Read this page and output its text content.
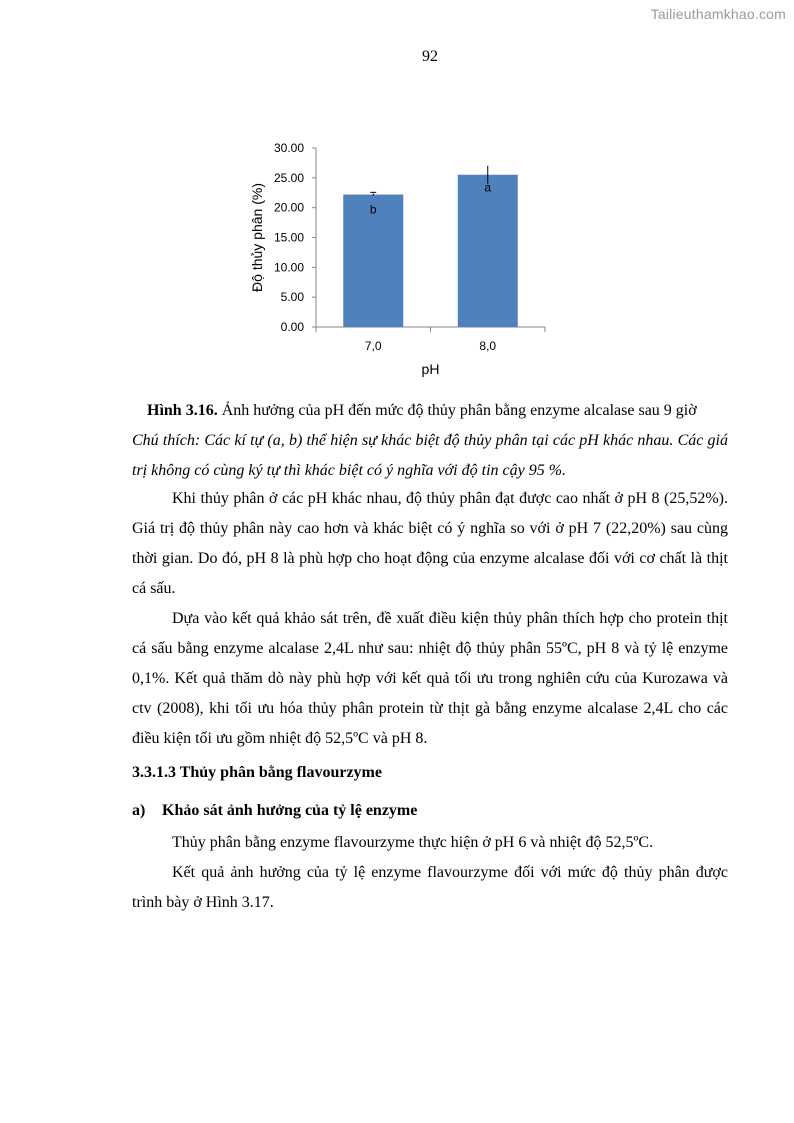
Tailieuthamkhao.com
92
0.00
5.00
10.00
15.00
20.00
25.00
30.00
b
7,0
a
8,0
pH
Độ thủy phân (%)

Hình 3.16. Ảnh hưởng của pH đến mức độ thủy phân bằng enzyme alcalase sau 9 giờ

Chú thích: Các kí tự (a, b) thể hiện sự khác biệt độ thủy phân tại các pH khác nhau. Các giá trị không có cùng ký tự thì khác biệt có ý nghĩa với độ tin cậy 95 %.

Khi thủy phân ở các pH khác nhau, độ thủy phân đạt được cao nhất ở pH 8 (25,52%). Giá trị độ thủy phân này cao hơn và khác biệt có ý nghĩa so với ở pH 7 (22,20%) sau cùng thời gian. Do đó, pH 8 là phù hợp cho hoạt động của enzyme alcalase đối với cơ chất là thịt cá sấu.

Dựa vào kết quả khảo sát trên, đề xuất điều kiện thủy phân thích hợp cho protein thịt cá sấu bằng enzyme alcalase 2,4L như sau: nhiệt độ thủy phân 55ºC, pH 8 và tỷ lệ enzyme 0,1%. Kết quả thăm dò này phù hợp với kết quả tối ưu trong nghiên cứu của Kurozawa và ctv (2008), khi tối ưu hóa thủy phân protein từ thịt gà bằng enzyme alcalase 2,4L cho các điều kiện tối ưu gồm nhiệt độ 52,5ºC và pH 8.

3.3.1.3 Thủy phân bằng flavourzyme
a) Khảo sát ảnh hưởng của tỷ lệ enzyme

Thủy phân bằng enzyme flavourzyme thực hiện ở pH 6 và nhiệt độ 52,5ºC.

Kết quả ảnh hưởng của tỷ lệ enzyme flavourzyme đối với mức độ thủy phân được trình bày ở Hình 3.17.
